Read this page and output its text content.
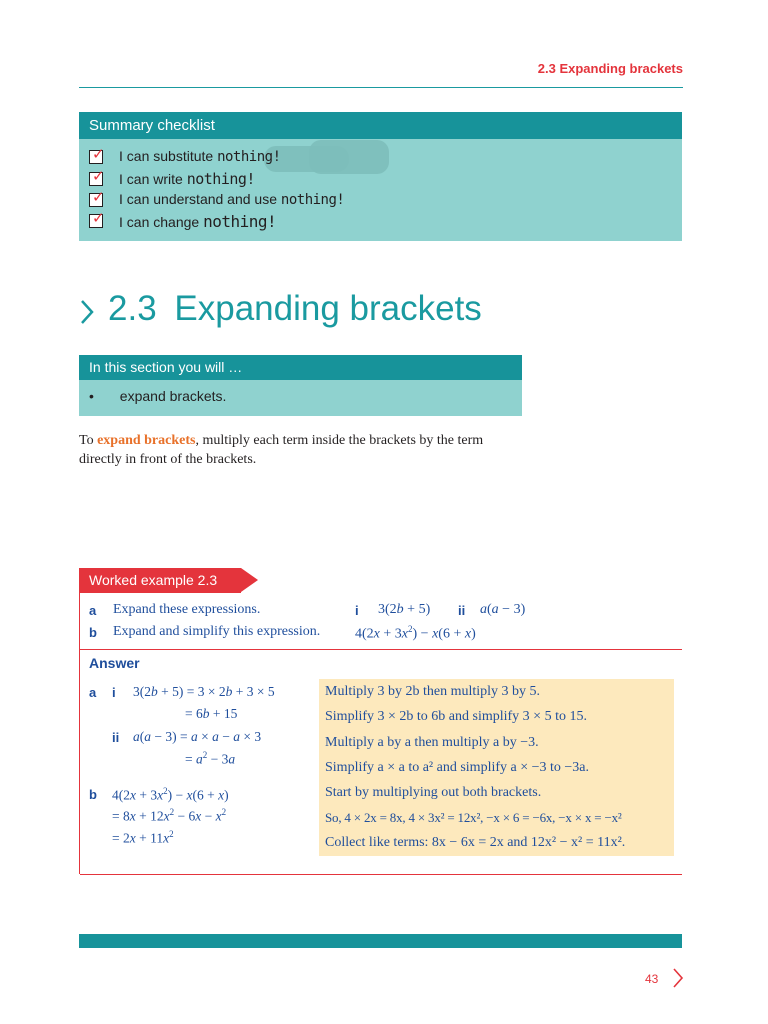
2.3 Expanding brackets
Summary checklist
✓ I can substitute nothing!
✓ I can write nothing!
✓ I can understand and use nothing!
✓ I can change nothing!
2.3 Expanding brackets
In this section you will …
• expand brackets.
To expand brackets, multiply each term inside the brackets by the term directly in front of the brackets.
Worked example 2.3
a Expand these expressions.	i 3(2b + 5) ii a(a − 3)
b Expand and simplify this expression. $4(2x + 3x^2) - x(6 + x)$
Answer
a i 3(2b + 5) = 3 × 2b + 3 × 5
= 6b + 15
ii a(a − 3) = a × a − a × 3
= $a^2 - 3a$
b $4(2x + 3x^2) - x(6 + x)$
= $8x + 12x^2 - 6x - x^2$
= $2x + 11x^2$
Multiply 3 by 2b then multiply 3 by 5.
Simplify 3 × 2b to 6b and simplify 3 × 5 to 15.
Multiply a by a then multiply a by −3.
Simplify a × a to a² and simplify a × −3 to −3a.
Start by multiplying out both brackets.
So, 4 × 2x = 8x, 4 × 3x² = 12x², −x × 6 = −6x, −x × x = −x²
Collect like terms: 8x − 6x = 2x and 12x² − x² = 11x².
43
